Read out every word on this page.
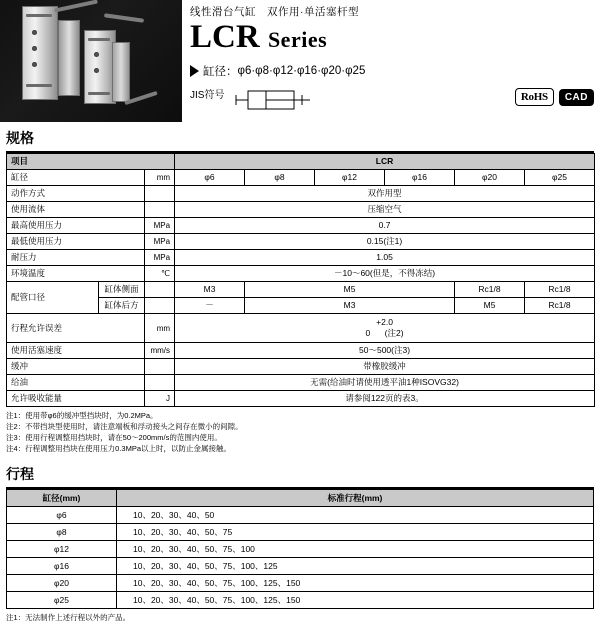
线性滑台气缸　双作用·单活塞杆型
LCR Series
缸径： φ6·φ8·φ12·φ16·φ20·φ25
JIS符号	RoHS	CAD
规格
项目			LCR					
缸径		mm	φ6	φ8	φ12	φ16	φ20	φ25
动作方式			双作用型					
使用流体			压缩空气					
最高使用压力		MPa	0.7					
最低使用压力		MPa	0.15(注1)					
耐压力		MPa	1.05					
环境温度		℃	－10～60(但是，不得冻结)					
配管口径	缸体侧面		M3	M5			Rc1/8	Rc1/8
	缸体后方		－	M3			M5	Rc1/8
行程允许误差		mm	+2.0
0 (注2)					

使用活塞速度		mm/s	50～500(注3)					
缓冲			带橡胶缓冲					
给油			无需(给油时请使用透平油1种ISOVG32)					
允许吸收能量		J	请参阅122页的表3。					
注1：使用带φ6的缓冲型挡块时，为0.2MPa。
注2：不带挡块型使用时，请注意端板和浮动接头之间存在微小的间隙。
注3：使用行程调整用挡块时，请在50～200mm/s的范围内使用。
注4：行程调整用挡块在使用压力0.3MPa以上时，以防止金属接触。
行程
缸径(mm)	标准行程(mm)
φ6	10、20、30、40、50
φ8	10、20、30、40、50、75
φ12	10、20、30、40、50、75、100
φ16	10、20、30、40、50、75、100、125
φ20	10、20、30、40、50、75、100、125、150
φ25	10、20、30、40、50、75、100、125、150
注1：无法制作上述行程以外的产品。
